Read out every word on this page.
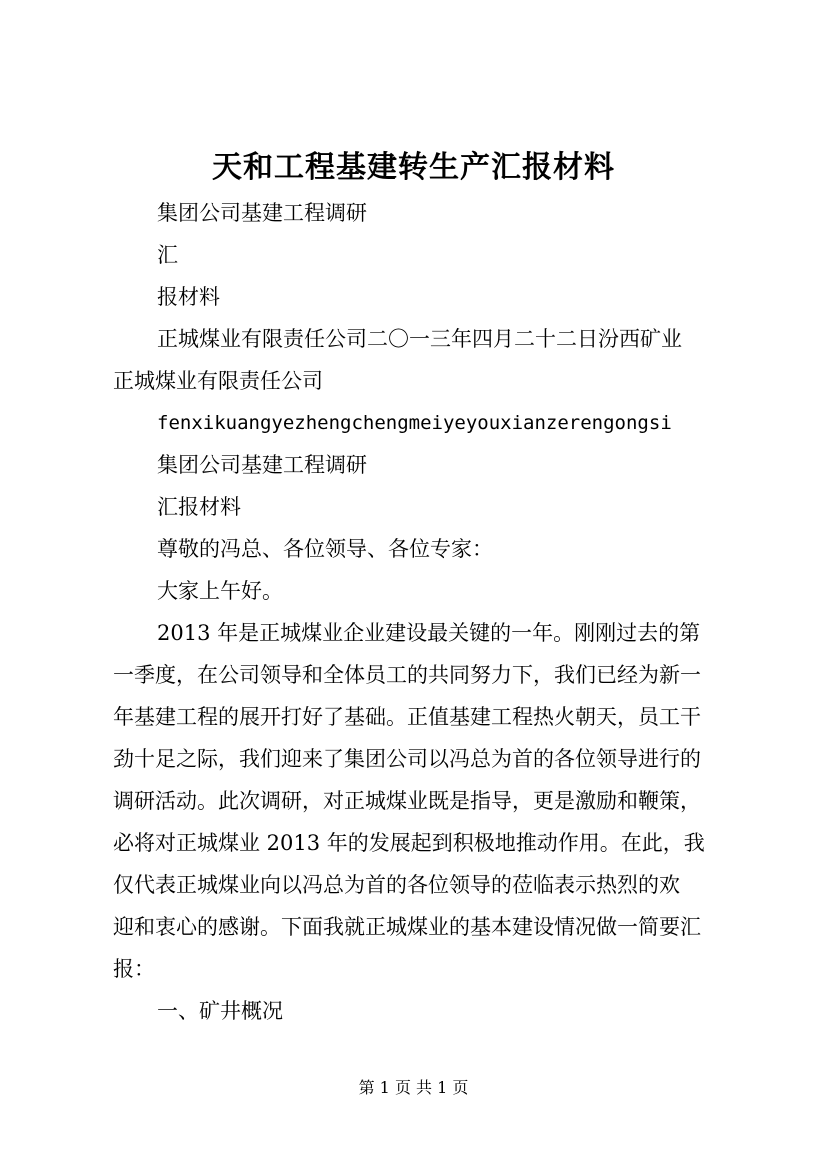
天和工程基建转生产汇报材料
集团公司基建工程调研
汇
报材料
正城煤业有限责任公司二〇一三年四月二十二日汾西矿业
正城煤业有限责任公司
fenxikuangyezhengchengmeiyeyouxianzerengongsi
集团公司基建工程调研
汇报材料
尊敬的冯总、各位领导、各位专家：
大家上午好。
2013 年是正城煤业企业建设最关键的一年。刚刚过去的第
一季度，在公司领导和全体员工的共同努力下，我们已经为新一
年基建工程的展开打好了基础。正值基建工程热火朝天，员工干
劲十足之际，我们迎来了集团公司以冯总为首的各位领导进行的
调研活动。此次调研，对正城煤业既是指导，更是激励和鞭策，
必将对正城煤业 2013 年的发展起到积极地推动作用。在此，我
仅代表正城煤业向以冯总为首的各位领导的莅临表示热烈的欢
迎和衷心的感谢。下面我就正城煤业的基本建设情况做一简要汇
报：
一、矿井概况
第 1 页 共 1 页
